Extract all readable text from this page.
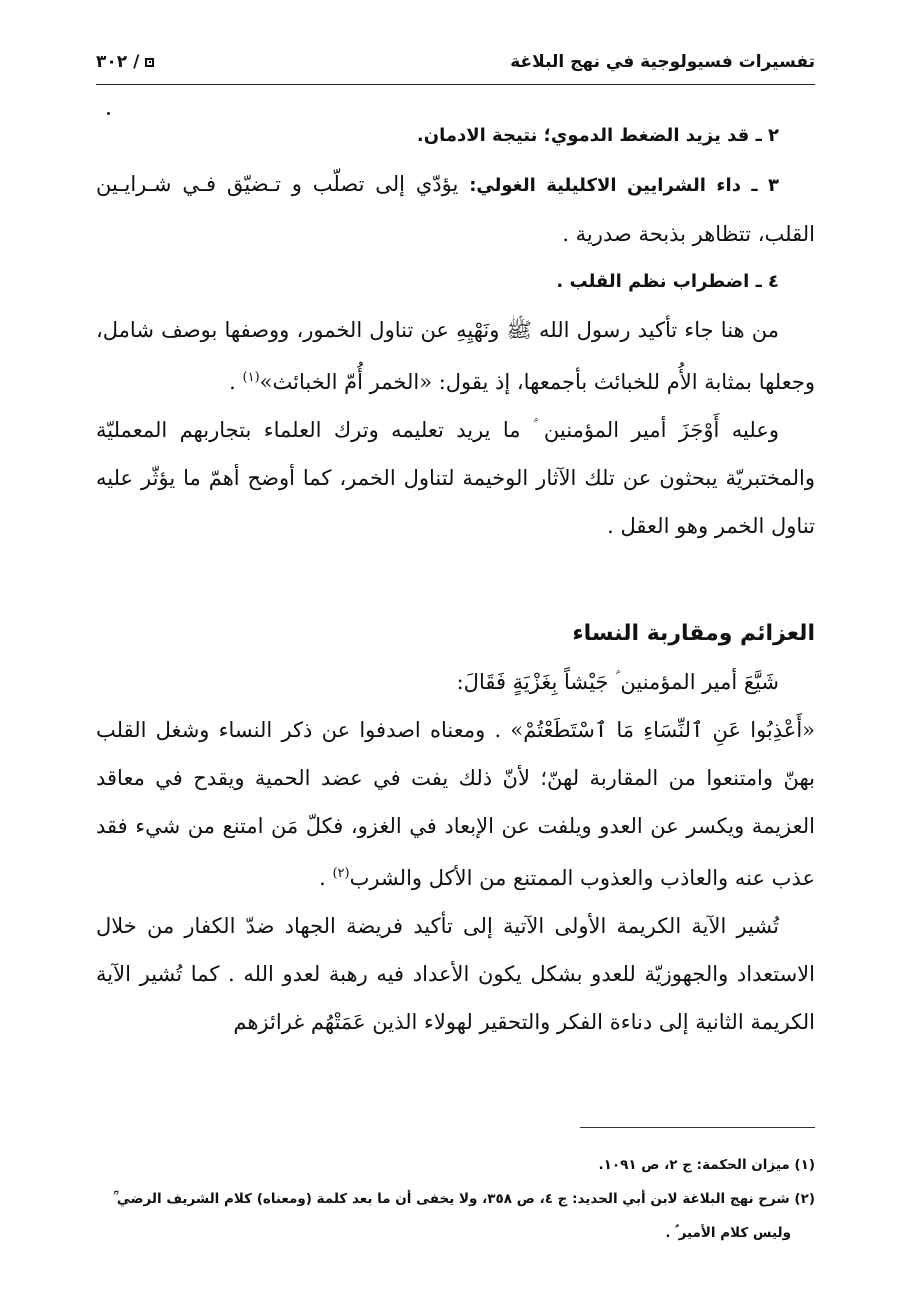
تفسيرات فسيولوجية في نهج البلاغة
٣٠٢ /

٢ ـ قد يزيد الضغط الدموي؛ نتيجة الادمان.

٣ ـ داء الشرايين الاكليلية الغولي: يؤدّي إلى تصلّب و تـضيّق فـي شـرايـين القلب، تتظاهر بذبحة صدرية .

٤ ـ اضطراب نظم القلب .

من هنا جاء تأكيد رسول الله ﷺ ونَهْيِهِ عن تناول الخمور، ووصفها بوصف شامل، وجعلها بمثابة الأُم للخبائث بأجمعها، إذ يقول: «الخمر أُمّ الخبائث»$^{(١)}$ .

وعليه أَوْجَزَ أمير المؤمنين ؑ ما يريد تعليمه وترك العلماء بتجاربهم المعمليّة والمختبريّة يبحثون عن تلك الآثار الوخيمة لتناول الخمر، كما أوضح أهمّ ما يؤثّر عليه تناول الخمر وهو العقل .

العزائم ومقاربة النساء

شَيَّعَ أمير المؤمنين ؑ جَيْشاً بِغَزْيَةٍ فَقَالَ:

«أَعْذِبُوا عَنِ ٱلنِّسَاءِ مَا ٱسْتَطَعْتُمْ» . ومعناه اصدفوا عن ذكر النساء وشغل القلب بهنّ وامتنعوا من المقاربة لهنّ؛ لأنّ ذلك يفت في عضد الحمية ويقدح في معاقد العزيمة ويكسر عن العدو ويلفت عن الإبعاد في الغزو، فكلّ مَن امتنع من شيء فقد عذب عنه والعاذب والعذوب الممتنع من الأكل والشرب$^{(٢)}$ .

تُشير الآية الكريمة الأولى الآتية إلى تأكيد فريضة الجهاد ضدّ الكفار من خلال الاستعداد والجهوزيّة للعدو بشكل يكون الأعداد فيه رهبة لعدو الله . كما تُشير الآية الكريمة الثانية إلى دناءة الفكر والتحقير لهولاء الذين عَمَتْهُم غرائزهم

(١) ميزان الحكمة: ج ٢، ص ١٠٩١.

(٢) شرح نهج البلاغة لابن أبي الحديد: ج ٤، ص ٣٥٨، ولا يخفى أن ما بعد كلمة (ومعناه) كلام الشريف الرضي ؒ

وليس كلام الأمير ؑ .
